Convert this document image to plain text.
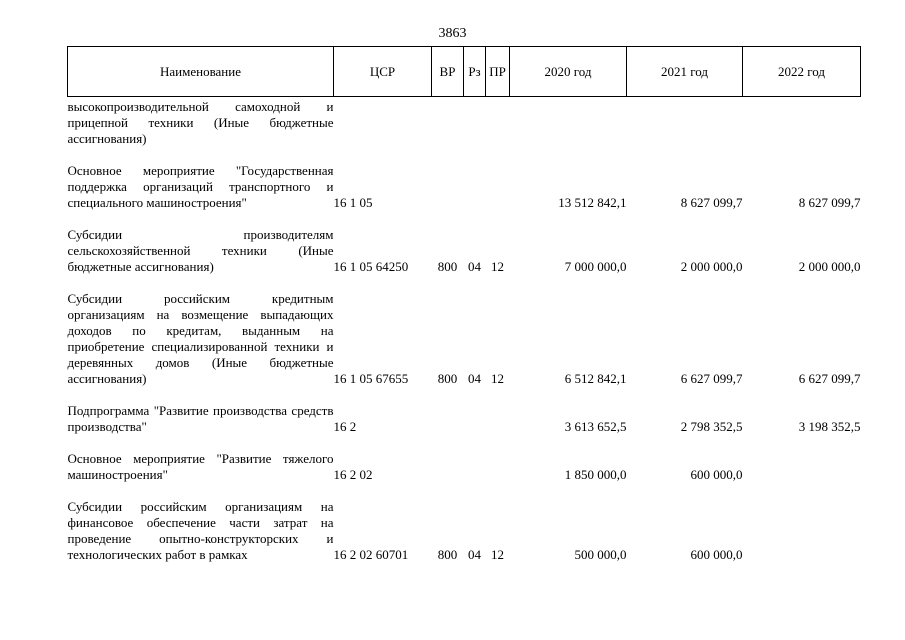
3863
Наименование	ЦСР	ВР	Рз	ПР	2020 год	2021 год	2022 год
высокопроизводительной самоходной и прицепной техники (Иные бюджетные ассигнования)							
Основное мероприятие "Государственная поддержка организаций транспортного и специального машиностроения"	16 1 05				13 512 842,1	8 627 099,7	8 627 099,7
Субсидии производителям сельскохозяйственной техники (Иные бюджетные ассигнования)	16 1 05 64250	800	04	12	7 000 000,0	2 000 000,0	2 000 000,0
Субсидии российским кредитным организациям на возмещение выпадающих доходов по кредитам, выданным на приобретение специализированной техники и деревянных домов (Иные бюджетные ассигнования)	16 1 05 67655	800	04	12	6 512 842,1	6 627 099,7	6 627 099,7
Подпрограмма "Развитие производства средств производства"	16 2				3 613 652,5	2 798 352,5	3 198 352,5
Основное мероприятие "Развитие тяжелого машиностроения"	16 2 02				1 850 000,0	600 000,0	
Субсидии российским организациям на финансовое обеспечение части затрат на проведение опытно-конструкторских и технологических работ в рамках	16 2 02 60701	800	04	12	500 000,0	600 000,0	
